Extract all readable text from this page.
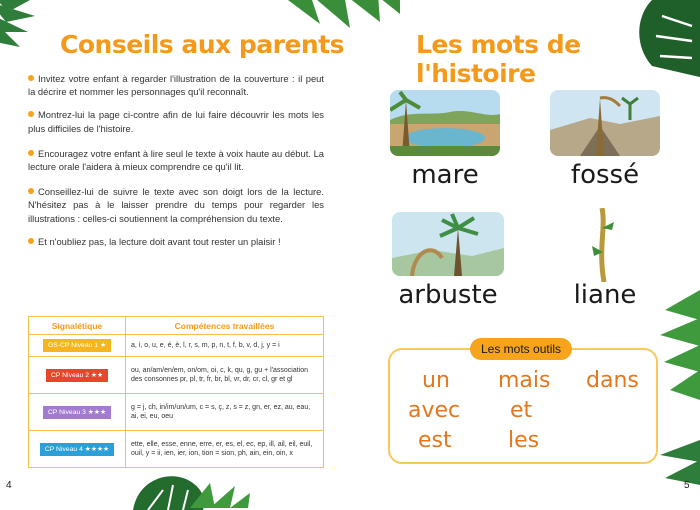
Conseils aux parents

Invitez votre enfant à regarder l'illustration de la couverture : il peut la décrire et nommer les personnages qu'il reconnaît.

Montrez-lui la page ci-contre afin de lui faire découvrir les mots les plus difficiles de l'histoire.

Encouragez votre enfant à lire seul le texte à voix haute au début. La lecture orale l'aidera à mieux comprendre ce qu'il lit.

Conseillez-lui de suivre le texte avec son doigt lors de la lecture. N'hésitez pas à le laisser prendre du temps pour regarder les illustrations : celles-ci soutiennent la compréhension du texte.

Et n'oubliez pas, la lecture doit avant tout rester un plaisir !

Signalétique	Compétences travaillées
GS-CP Niveau 1 ★	a, i, o, u, e, é, è, l, r, s, m, p, n, t, f, b, v, d, j, y = i
CP Niveau 2 ★★	ou, an/am/en/em, on/om, oi, c, k, qu, g, gu + l'association des consonnes pr, pl, tr, fr, br, bl, vr, dr, cr, cl, gr et gl
CP Niveau 3 ★★★	g = j, ch, in/im/un/um, c = s, ç, z, s = z, gn, er, ez, au, eau, ai, ei, eu, oeu
CP Niveau 4 ★★★★	ette, elle, esse, enne, erre, er, es, el, ec, ep, ill, ail, eil, euil, ouil, y = ii, ien, ier, ion, tion = sion, ph, ain, ein, oin, x
4
Les mots de l'histoire
mare	fossé
arbuste	liane
Les mots outils
un mais dans
avec et
est	les
5
